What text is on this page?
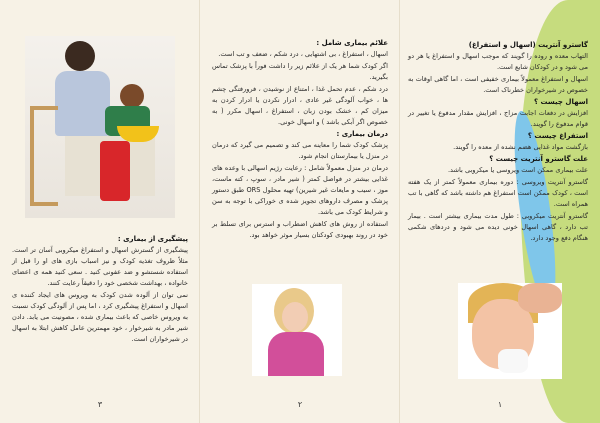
پیشگیری از بیماری :

پیشگیری از گسترش اسهال و استفراغ میکروبی آسان تر است. مثلاً ظروف تغذیه کودک و نیز اسباب بازی های او را قبل از استفاده شستشو و ضد عفونی کنید . سعی کنید همه ی اعضای خانواده ، بهداشت شخصی خود را دقیقاً رعایت کنند.

نمی توان از آلوده شدن کودک به ویروس های ایجاد کننده ی اسهال و استفراغ پیشگیری کرد ، اما پس از آلودگی کودک نسبت به ویروس خاصی که باعث بیماری شده ، مصونیت می یابد. دادن شیر مادر به شیرخوار ، خود مهمترین عامل کاهش ابتلا به اسهال در شیرخواران است.

٣
علائم بیماری شامل :

اسهال ، استفراغ ، بی اشتهایی ، درد شکم ، ضعف و تب است.

اگر کودک شما هر یک از علائم زیر را داشت فوراً با پزشک تماس بگیرید.

درد شکم ، عدم تحمل غذا ، امتناع از نوشیدن ، فرورفتگی چشم ها ، خواب آلودگی غیر عادی ، ادرار نکردن یا ادرار کردن به میزان کم ، خشک بودن زبان ، استفراغ ، اسهال مکرر ( به خصوص اگر آبکی باشد ) و اسهال خونی.

درمان بیماری :

پزشک کودک شما را معاینه می کند و تصمیم می گیرد که درمان در منزل یا بیمارستان انجام شود.

درمان در منزل معمولاً شامل : رعایت رژیم اسهالی با وعده های غذایی بیشتر در فواصل کمتر ( شیر مادر ، سوپ ، کته ماست، موز ، سیب و مایعات غیر شیرین) تهیه محلول ORS طبق دستور پزشک و مصرف داروهای تجویز شده ی خوراکی با توجه به سن و شرایط کودک می باشد.

استفاده از روش های کاهش اضطراب و استرس برای تسلط بر خود در روند بهبودی کودکتان بسیار موثر خواهد بود.

٢
گاسترو آنتریت (اسهال و استفراغ)

التهاب معده و روده را گویند که موجب اسهال و استفراغ یا هر دو می شود و در کودکان شایع است.

اسهال و استفراغ معمولاً بیماری خفیفی است ، اما گاهی اوقات به خصوص در شیرخواران خطرناک است.

اسهال چیست ؟

افزایش در دفعات اجابت مزاج ، افزایش مقدار مدفوع یا تغییر در قوام مدفوع را گویند.

استفراغ چیست ؟

بازگشت مواد غذایی هضم نشده از معده را گویند.

علت گاسترو آنتریت چیست ؟

علت بیماری ممکن است ویروسی یا میکروبی باشد.

گاسترو آنتریت ویروسی : دوره بیماری معمولاً کمتر از یک هفته است ، کودک ممکن است استفراغ هم داشته باشد که گاهی با تب همراه است.

گاسترو آنتریت میکروبی : طول مدت بیماری بیشتر است . بیمار تب دارد ، گاهی اسهال خونی دیده می شود و دردهای شکمی هنگام دفع وجود دارد.

١
